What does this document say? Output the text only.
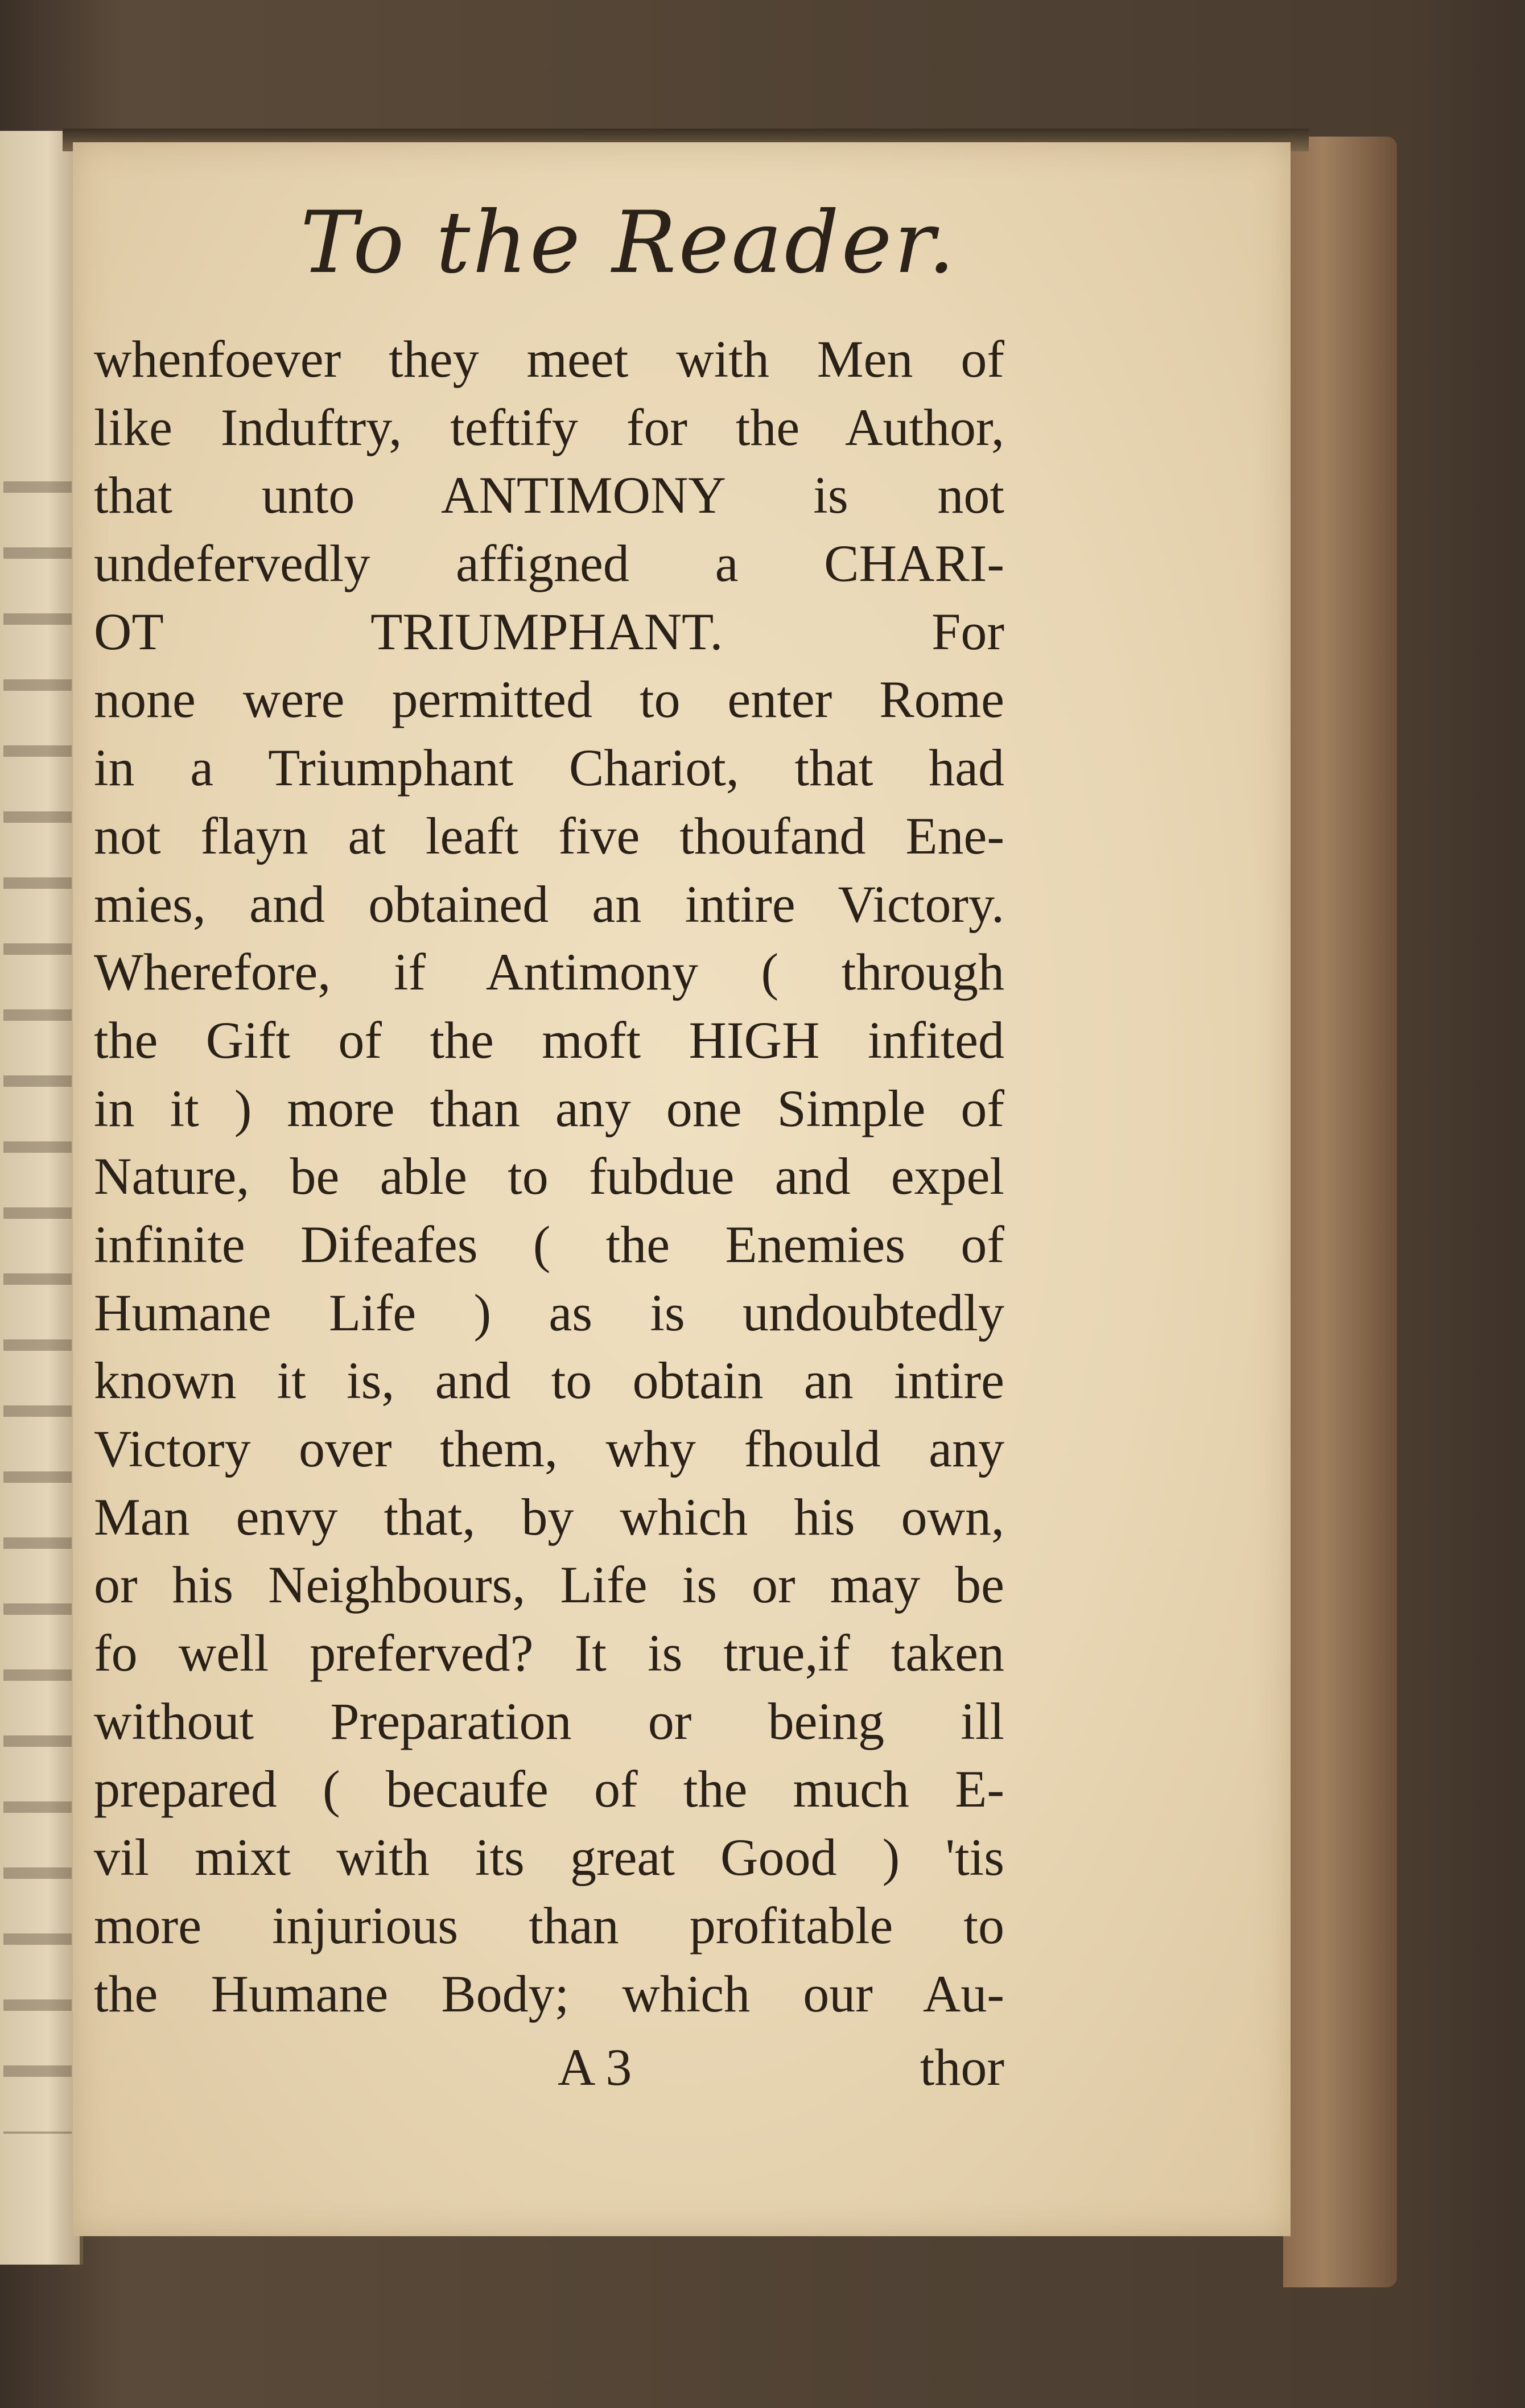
To the Reader.
whenfoever they meet with Men of
like Induftry, teftify for the Author,
that unto ANTIMONY is not
undefervedly affigned a CHARI-
OT TRIUMPHANT. For
none were permitted to enter Rome
in a Triumphant Chariot, that had
not flayn at leaft five thoufand Ene-
mies, and obtained an intire Victory.
Wherefore, if Antimony ( through
the Gift of the moft HIGH infited
in it ) more than any one Simple of
Nature, be able to fubdue and expel
infinite Difeafes ( the Enemies of
Humane Life ) as is undoubtedly
known it is, and to obtain an intire
Victory over them, why fhould any
Man envy that, by which his own,
or his Neighbours, Life is or may be
fo well preferved? It is true,if taken
without Preparation or being ill
prepared ( becaufe of the much E-
vil mixt with its great Good ) 'tis
more injurious than profitable to
the Humane Body; which our Au-
A 3	thor
